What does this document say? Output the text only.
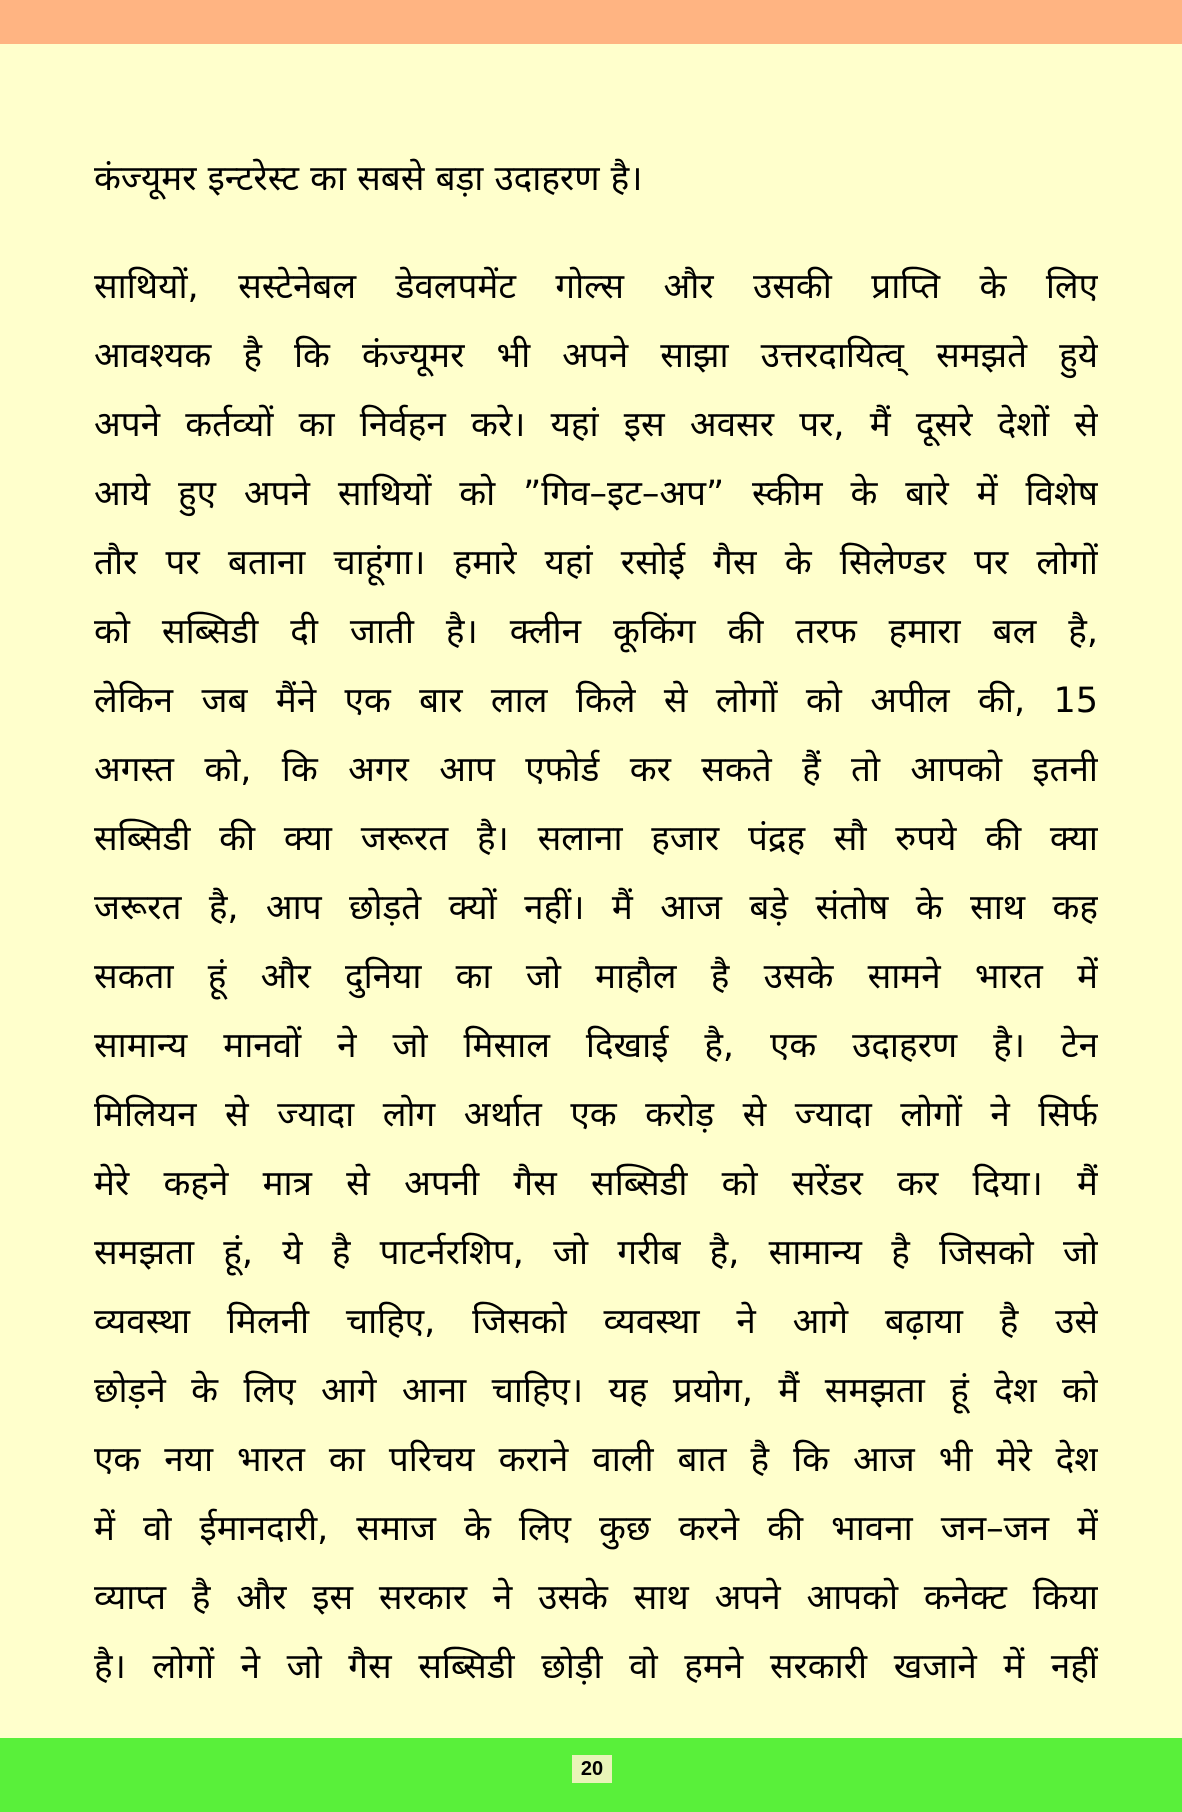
कंज्यूमर इन्टरेस्ट का सबसे बड़ा उदाहरण है।
साथियों, सस्टेनेबल डेवलपमेंट गोल्स और उसकी प्राप्ति के लिए
आवश्यक है कि कंज्यूमर भी अपने साझा उत्तरदायित्व् समझते हुये
अपने कर्तव्यों का निर्वहन करे। यहां इस अवसर पर, मैं दूसरे देशों से
आये हुए अपने साथियों को ”गिव–इट–अप” स्कीम के बारे में विशेष
तौर पर बताना चाहूंगा। हमारे यहां रसोई गैस के सिलेण्डर पर लोगों
को सब्सिडी दी जाती है। क्लीन कूकिंग की तरफ हमारा बल है,
लेकिन जब मैंने एक बार लाल किले से लोगों को अपील की, 15
अगस्त को, कि अगर आप एफोर्ड कर सकते हैं तो आपको इतनी
सब्सिडी की क्या जरूरत है। सलाना हजार पंद्रह सौ रुपये की क्या
जरूरत है, आप छोड़ते क्यों नहीं। मैं आज बड़े संतोष के साथ कह
सकता हूं और दुनिया का जो माहौल है उसके सामने भारत में
सामान्य मानवों ने जो मिसाल दिखाई है, एक उदाहरण है। टेन
मिलियन से ज्यादा लोग अर्थात एक करोड़ से ज्यादा लोगों ने सिर्फ
मेरे कहने मात्र से अपनी गैस सब्सिडी को सरेंडर कर दिया। मैं
समझता हूं, ये है पाटर्नरशिप, जो गरीब है, सामान्य है जिसको जो
व्यवस्था मिलनी चाहिए, जिसको व्यवस्था ने आगे बढ़ाया है उसे
छोड़ने के लिए आगे आना चाहिए। यह प्रयोग, मैं समझता हूं देश को
एक नया भारत का परिचय कराने वाली बात है कि आज भी मेरे देश
में वो ईमानदारी, समाज के लिए कुछ करने की भावना जन–जन में
व्याप्त है और इस सरकार ने उसके साथ अपने आपको कनेक्ट किया
है। लोगों ने जो गैस सब्सिडी छोड़ी वो हमने सरकारी खजाने में नहीं
20
